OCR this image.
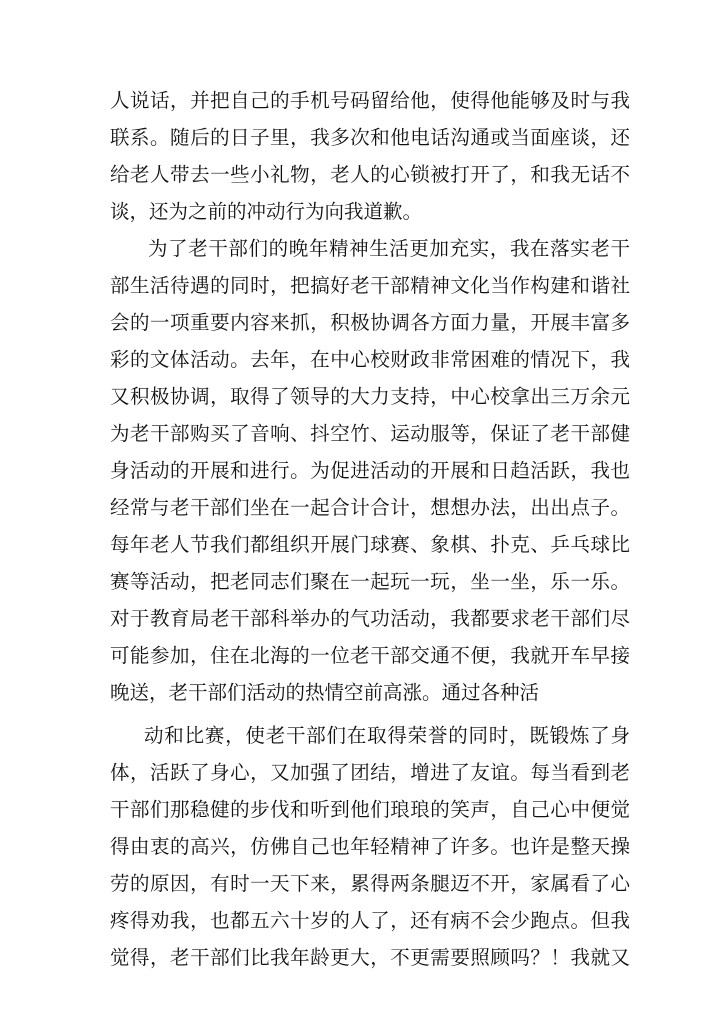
人说话，并把自己的手机号码留给他，使得他能够及时与我
联系。随后的日子里，我多次和他电话沟通或当面座谈，还
给老人带去一些小礼物，老人的心锁被打开了，和我无话不
谈，还为之前的冲动行为向我道歉。
为了老干部们的晚年精神生活更加充实，我在落实老干
部生活待遇的同时，把搞好老干部精神文化当作构建和谐社
会的一项重要内容来抓，积极协调各方面力量，开展丰富多
彩的文体活动。去年，在中心校财政非常困难的情况下，我
又积极协调，取得了领导的大力支持，中心校拿出三万余元
为老干部购买了音响、抖空竹、运动服等，保证了老干部健
身活动的开展和进行。为促进活动的开展和日趋活跃，我也
经常与老干部们坐在一起合计合计，想想办法，出出点子。
每年老人节我们都组织开展门球赛、象棋、扑克、乒乓球比
赛等活动，把老同志们聚在一起玩一玩，坐一坐，乐一乐。
对于教育局老干部科举办的气功活动，我都要求老干部们尽
可能参加，住在北海的一位老干部交通不便，我就开车早接
晚送，老干部们活动的热情空前高涨。通过各种活
动和比赛，使老干部们在取得荣誉的同时，既锻炼了身
体，活跃了身心，又加强了团结，增进了友谊。每当看到老
干部们那稳健的步伐和听到他们琅琅的笑声，自己心中便觉
得由衷的高兴，仿佛自己也年轻精神了许多。也许是整天操
劳的原因，有时一天下来，累得两条腿迈不开，家属看了心
疼得劝我，也都五六十岁的人了，还有病不会少跑点。但我
觉得，老干部们比我年龄更大，不更需要照顾吗？！我就又
